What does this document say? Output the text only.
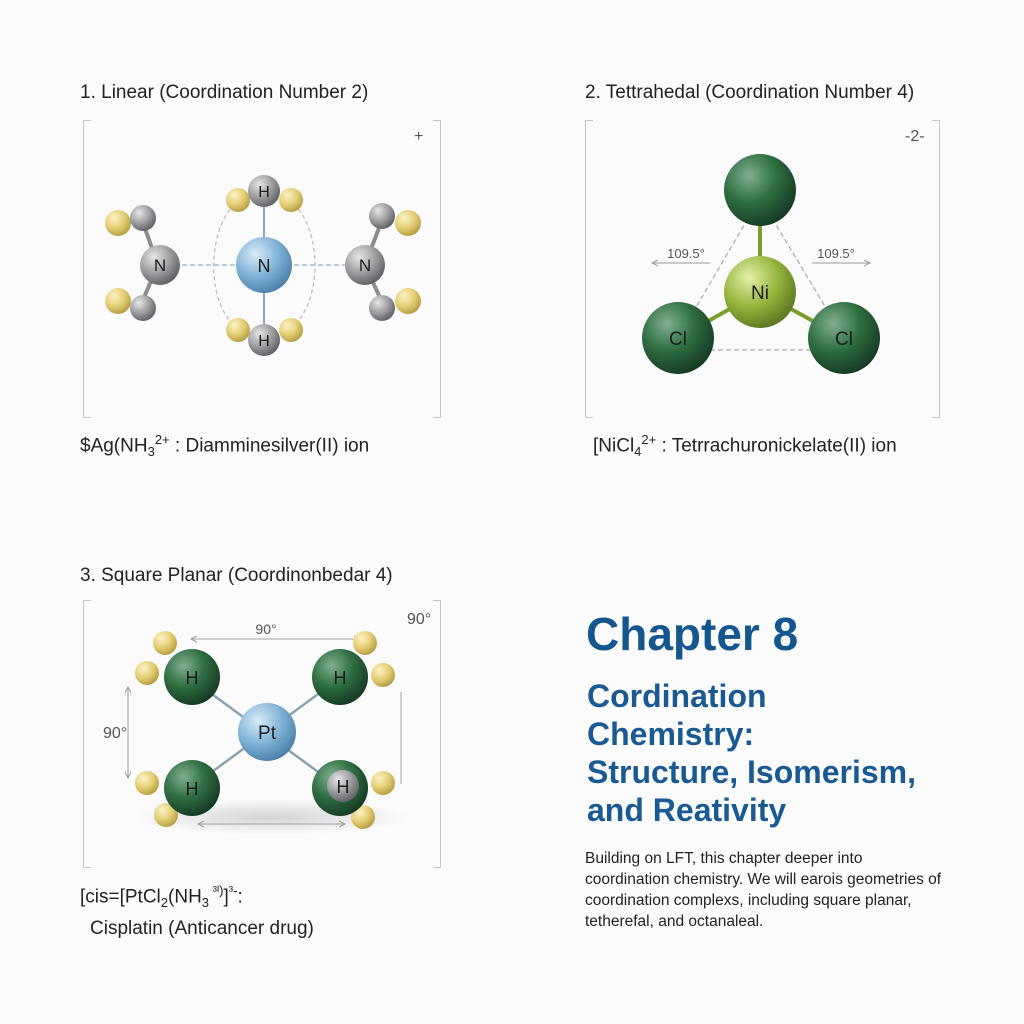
1. Linear (Coordination Number 2)
+
N	N
N
H
H
$\$Ag(NH_3^{2+}$ : Diamminesilver(II) ion
2. Tettrahedal (Coordination Number 4)
-2-
109.5°	109.5°
Ni
Cl	Cl
[NiCl$_4^{2+}$ : Tetrrachuronickelate(II) ion
3. Square Planar (Coordinonbedar 4)
90°
90°
Pt
H	H
H	H
90°
[$cis=[PtCl_2(NH_3$ $^{^3ᴵ)}$]$^{^3-}$:
Cisplatin (Anticancer drug)
Chapter 8
Cordination
Chemistry:
Structure, Isomerism,
and Reativity
Building on LFT, this chapter deeper into
coordination chemistry. We will earois geometries of
coordination complexs, including square planar,
tetherefal, and octanaleal.
